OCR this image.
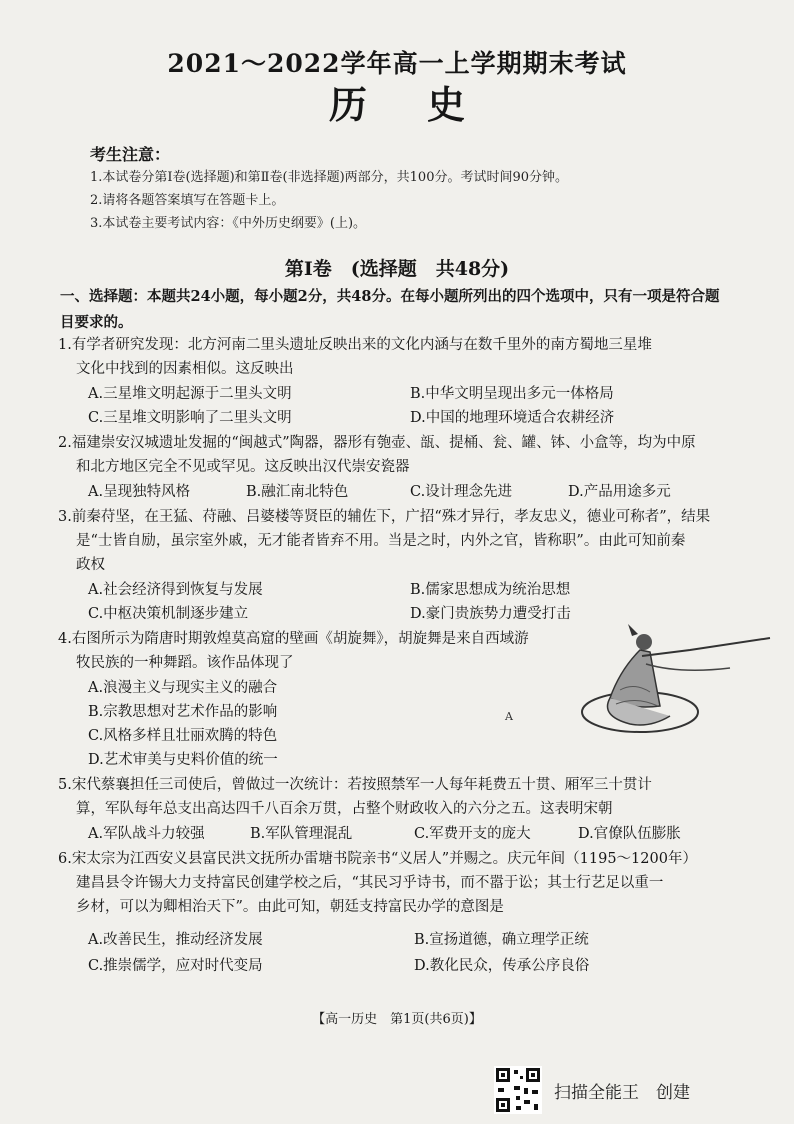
2021～2022学年高一上学期期末考试
历史
考生注意：
1.本试卷分第Ⅰ卷(选择题)和第Ⅱ卷(非选择题)两部分，共100分。考试时间90分钟。
2.请将各题答案填写在答题卡上。
3.本试卷主要考试内容：《中外历史纲要》(上)。
第Ⅰ卷　(选择题　共48分)
一、选择题：本题共24小题，每小题2分，共48分。在每小题所列出的四个选项中，只有一项是符合题目要求的。
1.有学者研究发现：北方河南二里头遗址反映出来的文化内涵与在数千里外的南方蜀地三星堆
文化中找到的因素相似。这反映出
A.三星堆文明起源于二里头文明	B.中华文明呈现出多元一体格局
C.三星堆文明影响了二里头文明	D.中国的地理环境适合农耕经济
2.福建崇安汉城遗址发掘的“闽越式”陶器，器形有匏壶、瓿、提桶、瓮、罐、钵、小盒等，均为中原
和北方地区完全不见或罕见。这反映出汉代崇安瓷器
A.呈现独特风格	B.融汇南北特色	C.设计理念先进	D.产品用途多元
3.前秦苻坚，在王猛、苻融、吕婆楼等贤臣的辅佐下，广招“殊才异行，孝友忠义，德业可称者”，结果
是“士皆自励，虽宗室外戚，无才能者皆弃不用。当是之时，内外之官，皆称职”。由此可知前秦
政权
A.社会经济得到恢复与发展	B.儒家思想成为统治思想
C.中枢决策机制逐步建立	D.豪门贵族势力遭受打击
4.右图所示为隋唐时期敦煌莫高窟的壁画《胡旋舞》，胡旋舞是来自西域游
牧民族的一种舞蹈。该作品体现了
A.浪漫主义与现实主义的融合
B.宗教思想对艺术作品的影响
C.风格多样且壮丽欢腾的特色
D.艺术审美与史料价值的统一
A
5.宋代蔡襄担任三司使后，曾做过一次统计：若按照禁军一人每年耗费五十贯、厢军三十贯计
算，军队每年总支出高达四千八百余万贯，占整个财政收入的六分之五。这表明宋朝
A.军队战斗力较强	B.军队管理混乱	C.军费开支的庞大	D.官僚队伍膨胀
6.宋太宗为江西安义县富民洪文抚所办雷塘书院亲书“义居人”并赐之。庆元年间（1195～1200年）
建昌县令许锡大力支持富民创建学校之后，“其民习乎诗书，而不嚣于讼；其士行艺足以重一
乡材，可以为卿相治天下”。由此可知，朝廷支持富民办学的意图是
A.改善民生，推动经济发展	B.宣扬道德，确立理学正统
C.推崇儒学，应对时代变局	D.教化民众，传承公序良俗
【高一历史　第1页(共6页)】
扫描全能王　创建
